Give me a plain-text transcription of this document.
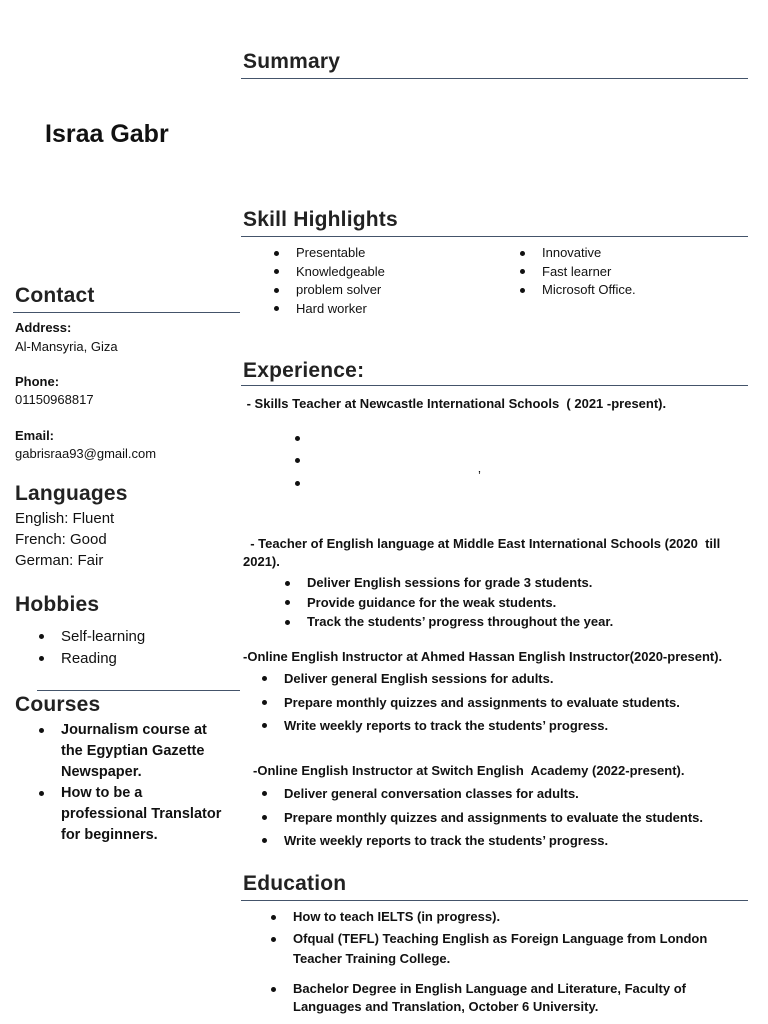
Summary
Israa Gabr
Skill Highlights
Presentable
Knowledgeable
problem solver
Hard worker
Innovative
Fast learner
Microsoft Office.
Contact
Address:
Al-Mansyria, Giza
Phone:
01150968817
Email:
gabrisraa93@gmail.com
Languages
English: Fluent
French: Good
German: Fair
Hobbies
Self-learning
Reading
Courses
Journalism course at the Egyptian Gazette Newspaper.
How to be a professional Translator for beginners.
Experience:
- Skills Teacher at Newcastle International Schools  ( 2021 -present).
’
- Teacher of English language at Middle East International Schools (2020  till 2021).
Deliver English sessions for grade 3 students.
Provide guidance for the weak students.
Track the students’ progress throughout the year.
-Online English Instructor at Ahmed Hassan English Instructor(2020-present).
Deliver general English sessions for adults.
Prepare monthly quizzes and assignments to evaluate students.
Write weekly reports to track the students’ progress.
-Online English Instructor at Switch English  Academy (2022-present).
Deliver general conversation classes for adults.
Prepare monthly quizzes and assignments to evaluate the students.
Write weekly reports to track the students’ progress.
Education
How to teach IELTS (in progress).
Ofqual (TEFL) Teaching English as Foreign Language from London Teacher Training College.
Bachelor Degree in English Language and Literature, Faculty of Languages and Translation, October 6 University.
